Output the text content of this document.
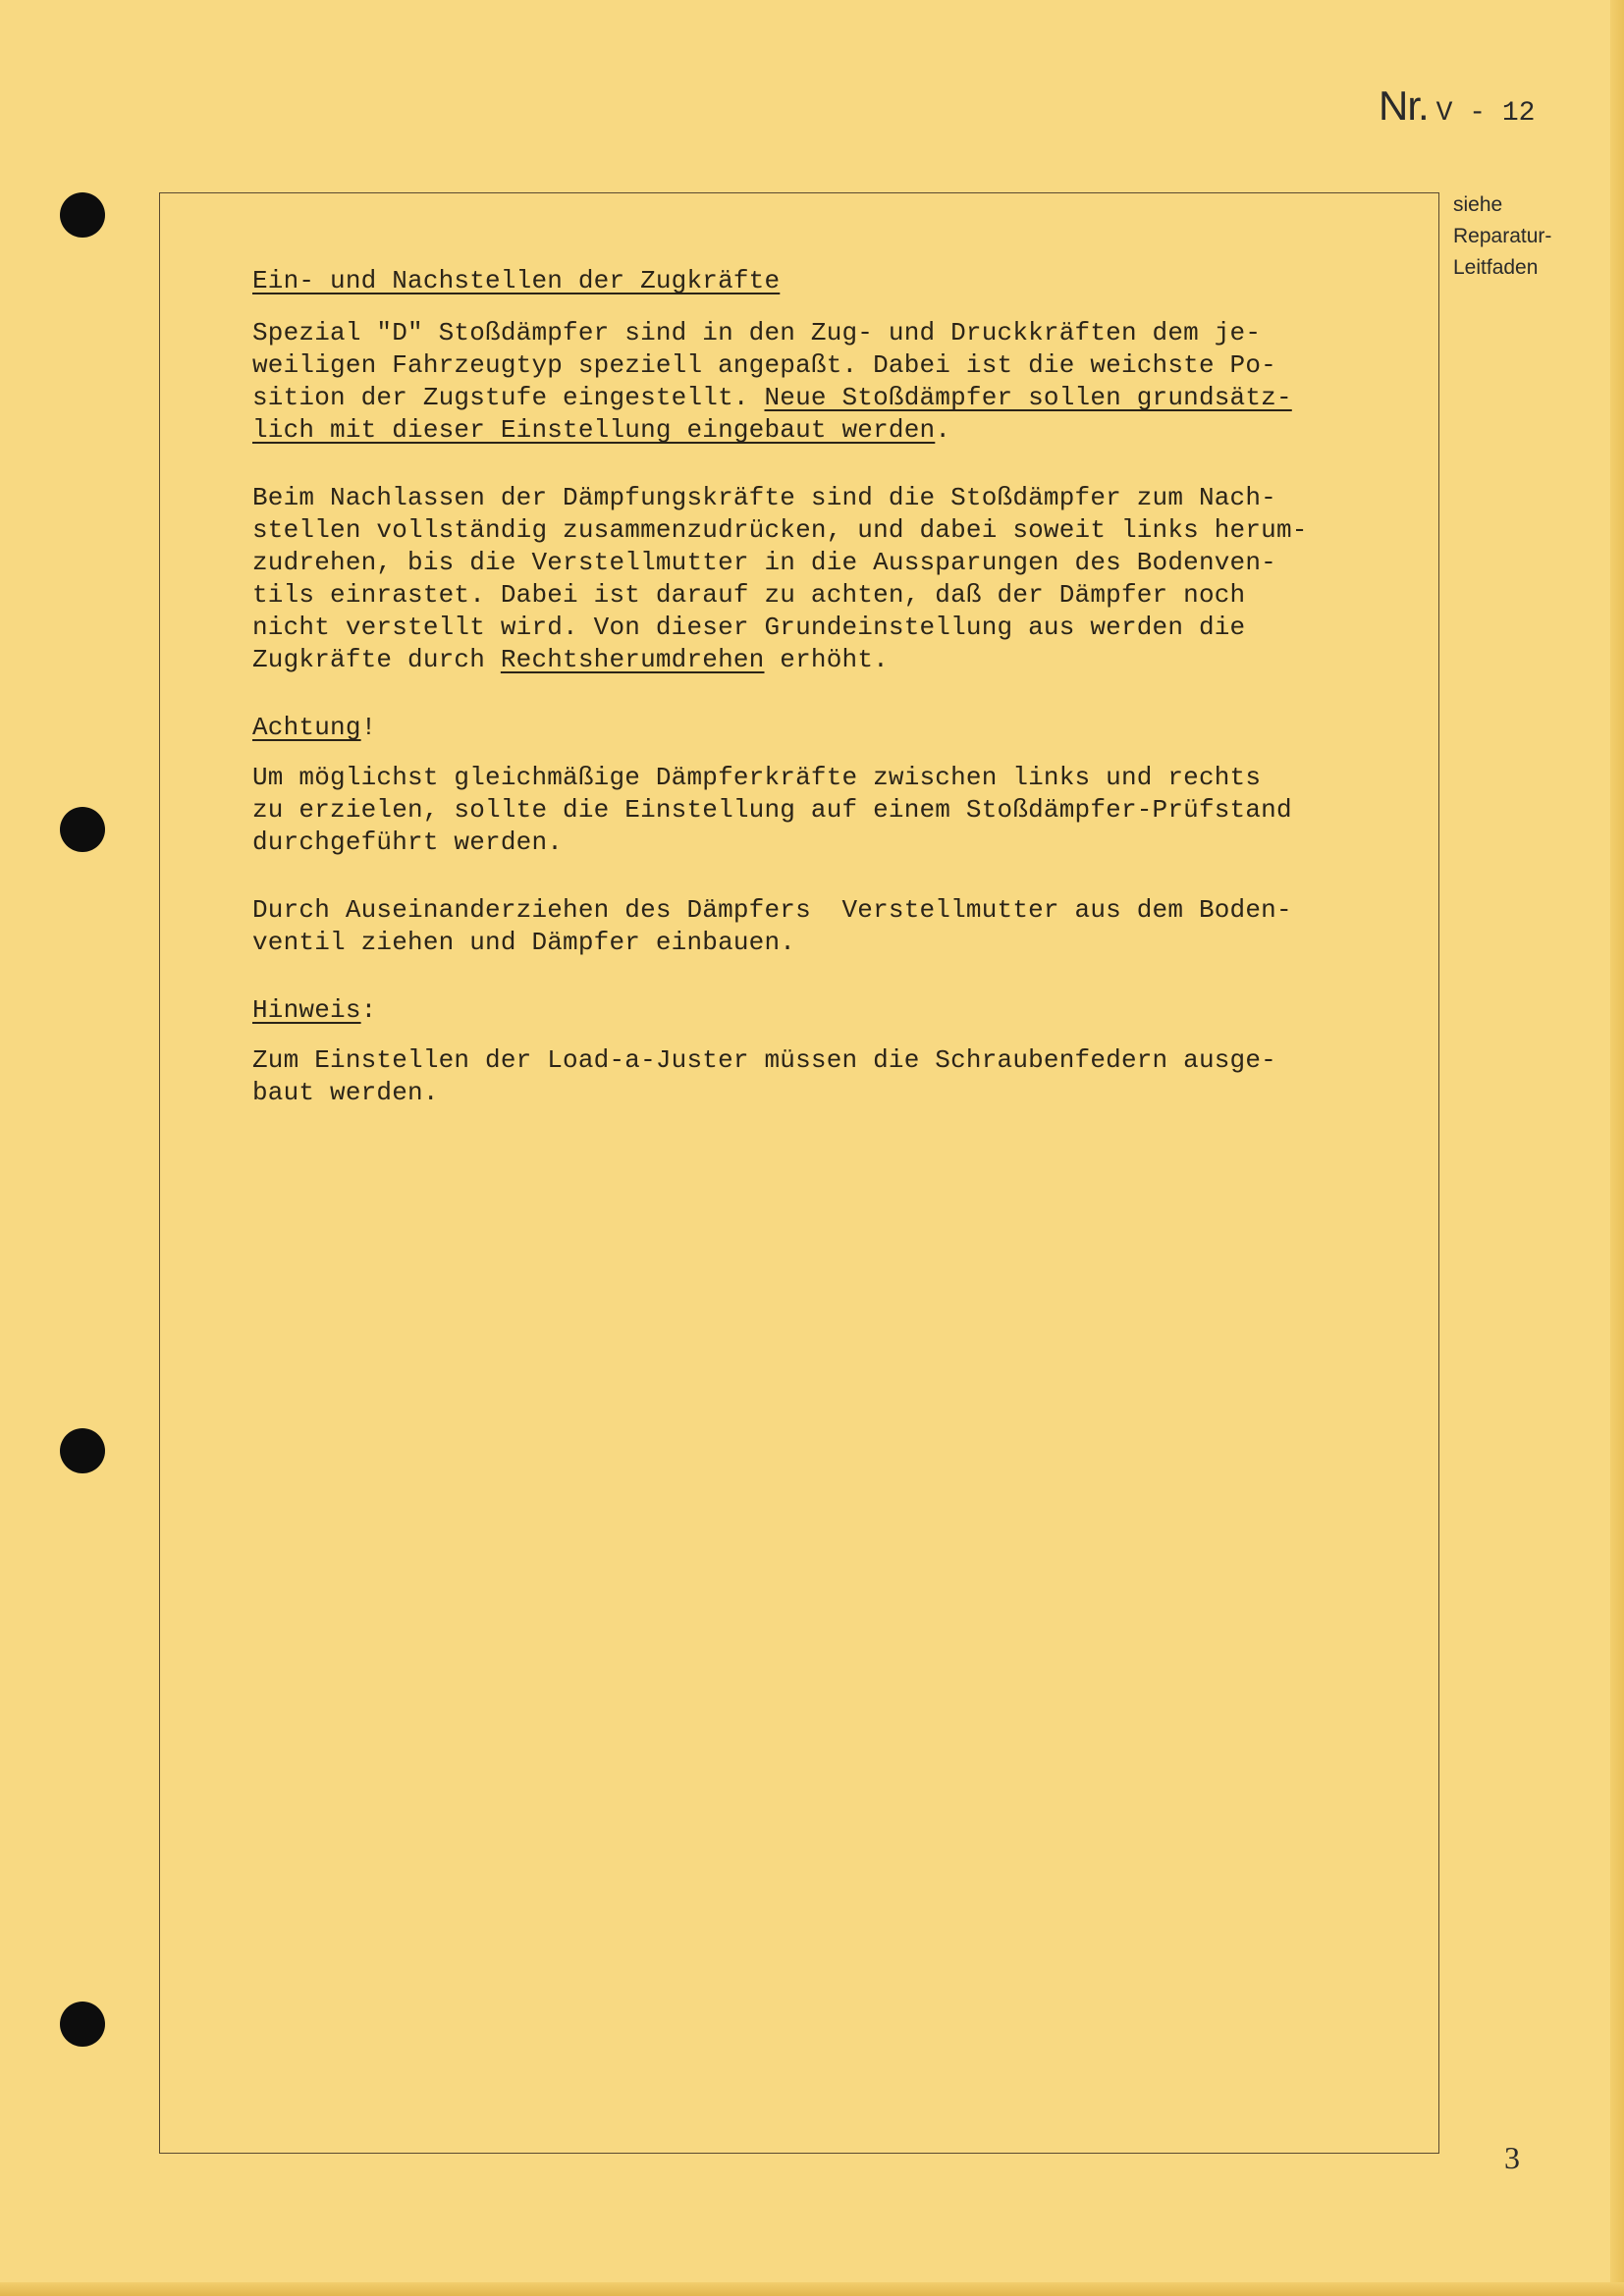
Nr. V - 12
siehe
Reparatur-
Leitfaden
Ein- und Nachstellen der Zugkräfte
Spezial "D" Stoßdämpfer sind in den Zug- und Druckkräften dem je-
weiligen Fahrzeugtyp speziell angepaßt. Dabei ist die weichste Po-
sition der Zugstufe eingestellt. Neue Stoßdämpfer sollen grundsätz-
lich mit dieser Einstellung eingebaut werden.
Beim Nachlassen der Dämpfungskräfte sind die Stoßdämpfer zum Nach-
stellen vollständig zusammenzudrücken, und dabei soweit links herum-
zudrehen, bis die Verstellmutter in die Aussparungen des Bodenven-
tils einrastet. Dabei ist darauf zu achten, daß der Dämpfer noch
nicht verstellt wird. Von dieser Grundeinstellung aus werden die
Zugkräfte durch Rechtsherumdrehen erhöht.
Achtung!
Um möglichst gleichmäßige Dämpferkräfte zwischen links und rechts
zu erzielen, sollte die Einstellung auf einem Stoßdämpfer-Prüfstand
durchgeführt werden.
Durch Auseinanderziehen des Dämpfers  Verstellmutter aus dem Boden-
ventil ziehen und Dämpfer einbauen.
Hinweis:
Zum Einstellen der Load-a-Juster müssen die Schraubenfedern ausge-
baut werden.
3
